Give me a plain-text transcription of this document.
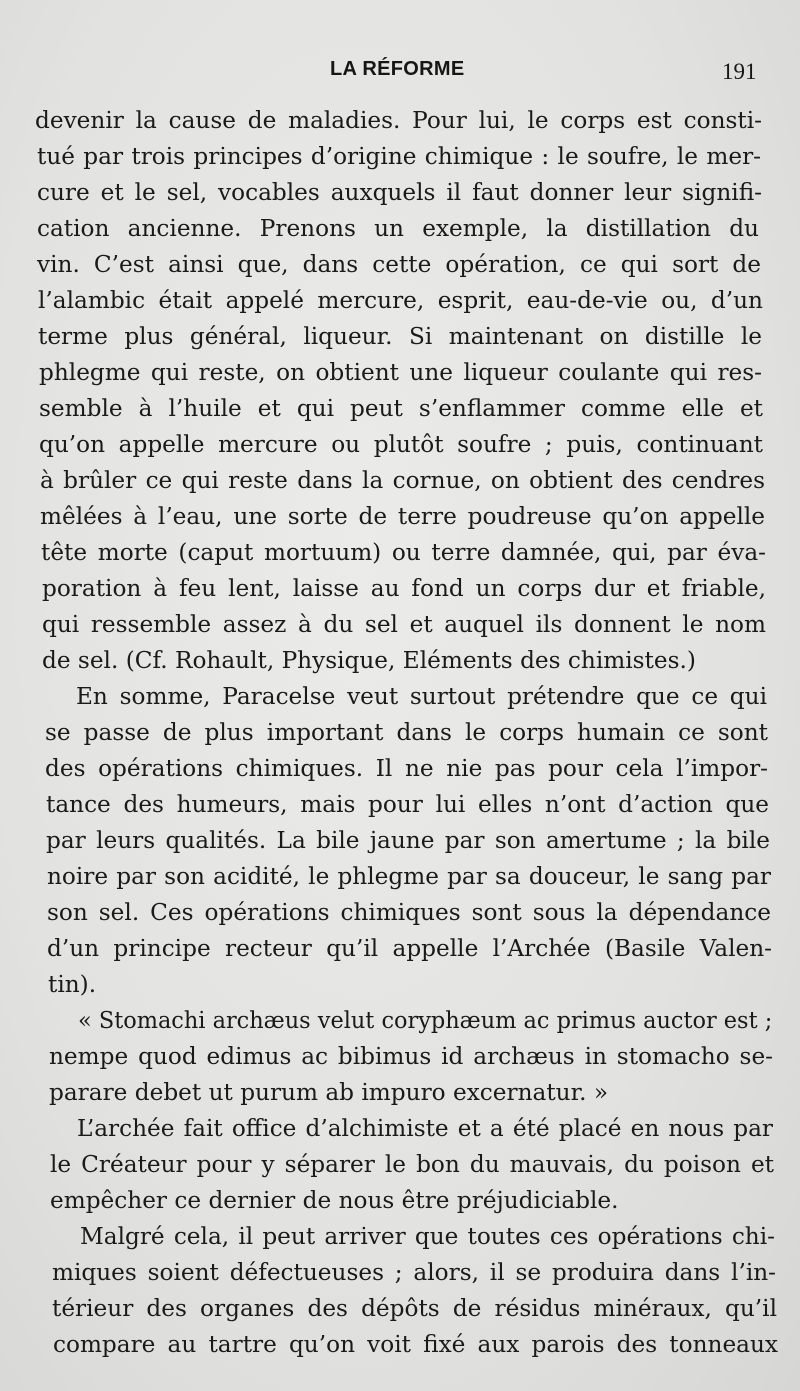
LA RÉFORME	191
devenir la cause de maladies. Pour lui, le corps est consti-
tué par trois principes d’origine chimique : le soufre, le mer-
cure et le sel, vocables auxquels il faut donner leur signifi-
cation ancienne. Prenons un exemple, la distillation du
vin. C’est ainsi que, dans cette opération, ce qui sort de
l’alambic était appelé mercure, esprit, eau-de-vie ou, d’un
terme plus général, liqueur. Si maintenant on distille le
phlegme qui reste, on obtient une liqueur coulante qui res-
semble à l’huile et qui peut s’enflammer comme elle et
qu’on appelle mercure ou plutôt soufre ; puis, continuant
à brûler ce qui reste dans la cornue, on obtient des cendres
mêlées à l’eau, une sorte de terre poudreuse qu’on appelle
tête morte (caput mortuum) ou terre damnée, qui, par éva-
poration à feu lent, laisse au fond un corps dur et friable,
qui ressemble assez à du sel et auquel ils donnent le nom
de sel. (Cf. Rohault, Physique, Eléments des chimistes.)
En somme, Paracelse veut surtout prétendre que ce qui
se passe de plus important dans le corps humain ce sont
des opérations chimiques. Il ne nie pas pour cela l’impor-
tance des humeurs, mais pour lui elles n’ont d’action que
par leurs qualités. La bile jaune par son amertume ; la bile
noire par son acidité, le phlegme par sa douceur, le sang par
son sel. Ces opérations chimiques sont sous la dépendance
d’un principe recteur qu’il appelle l’Archée (Basile Valen-
tin).
« Stomachi archæus velut coryphæum ac primus auctor est ;
nempe quod edimus ac bibimus id archæus in stomacho se-
parare debet ut purum ab impuro excernatur. »
L’archée fait office d’alchimiste et a été placé en nous par
le Créateur pour y séparer le bon du mauvais, du poison et
empêcher ce dernier de nous être préjudiciable.
Malgré cela, il peut arriver que toutes ces opérations chi-
miques soient défectueuses ; alors, il se produira dans l’in-
térieur des organes des dépôts de résidus minéraux, qu’il
compare au tartre qu’on voit fixé aux parois des tonneaux
